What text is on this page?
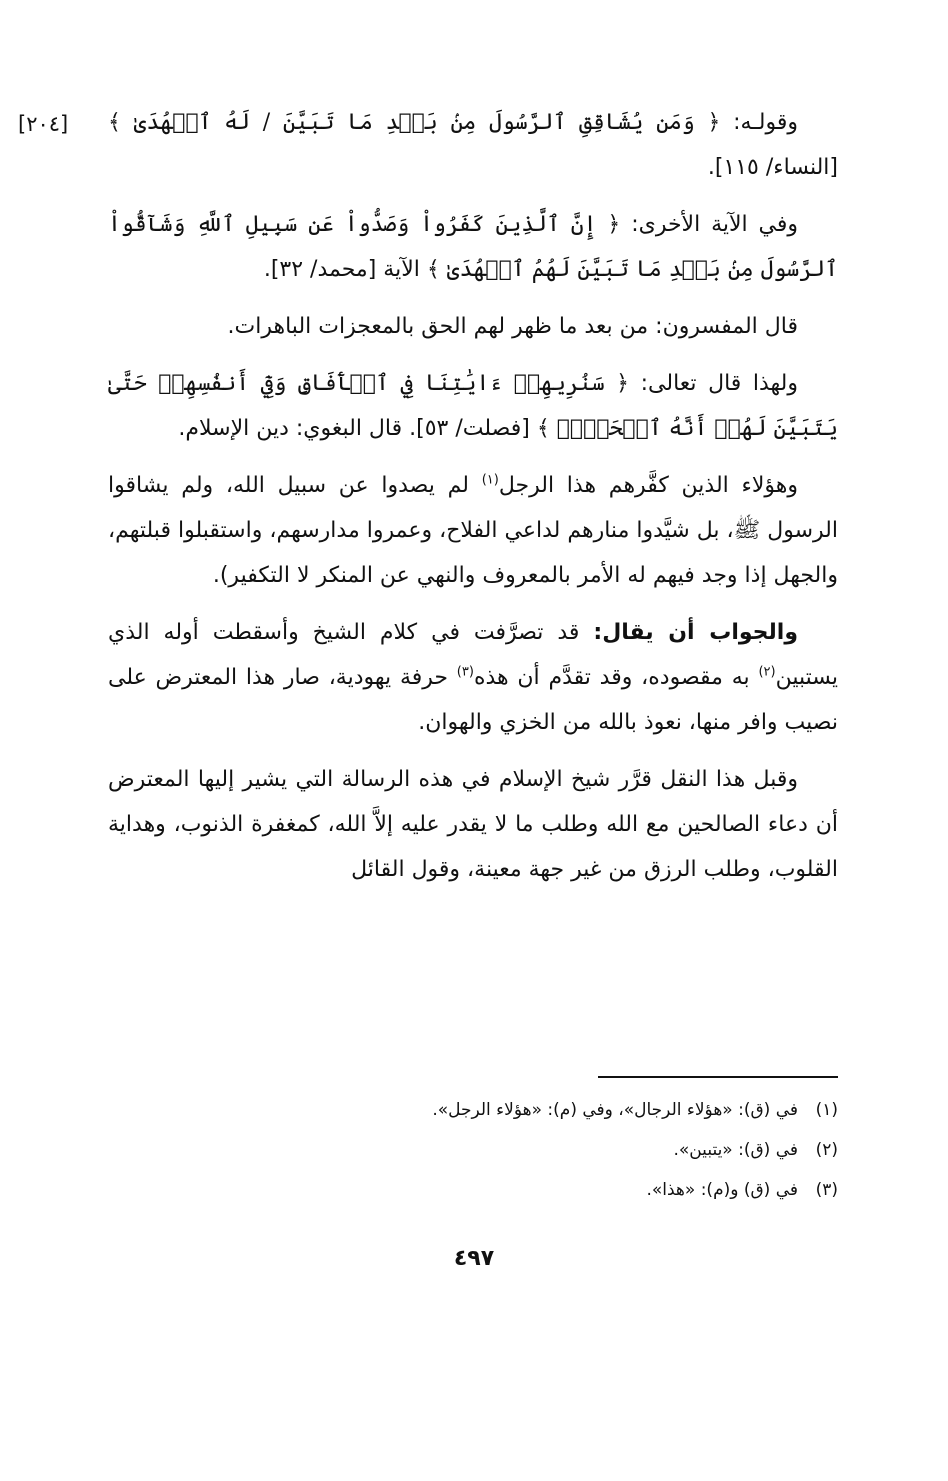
[٢٠٤]	وقولـه: ﴿ وَمَن يُشَاقِقِ ٱلرَّسُولَ مِنۢ بَعۡدِ مَا تَبَيَّنَ / لَهُ ٱلۡهُدَىٰ ﴾ [النساء/ ١١٥].

وفي الآية الأخرى: ﴿ إِنَّ ٱلَّذِينَ كَفَرُواْ وَصَدُّواْ عَن سَبِيلِ ٱللَّهِ وَشَآقُّواْ ٱلرَّسُولَ مِنۢ بَعۡدِ مَا تَبَيَّنَ لَهُمُ ٱلۡهُدَىٰ ﴾ الآية [محمد/ ٣٢].

قال المفسرون: من بعد ما ظهر لهم الحق بالمعجزات الباهرات.

ولهذا قال تعالى: ﴿ سَنُرِيهِمۡ ءَايَٰتِنَا فِي ٱلۡأٓفَاقِ وَفِيٓ أَنفُسِهِمۡ حَتَّىٰ يَتَبَيَّنَ لَهُمۡ أَنَّهُ ٱلۡحَقُّۗ ﴾ [فصلت/ ٥٣]. قال البغوي: دين الإسلام.

وهؤلاء الذين كفَّرهم هذا الرجل$^{(١)}$ لم يصدوا عن سبيل الله، ولم يشاقوا الرسول ﷺ، بل شيَّدوا منارهم لداعي الفلاح، وعمروا مدارسهم، واستقبلوا قبلتهم، والجهل إذا وجد فيهم له الأمر بالمعروف والنهي عن المنكر لا التكفير).

والجواب أن يقال: قد تصرَّفت في كلام الشيخ وأسقطت أوله الذي يستبين$^{(٢)}$ به مقصوده، وقد تقدَّم أن هذه$^{(٣)}$ حرفة يهودية، صار هذا المعترض على نصيب وافر منها، نعوذ بالله من الخزي والهوان.

وقبل هذا النقل قرَّر شيخ الإسلام في هذه الرسالة التي يشير إليها المعترض أن دعاء الصالحين مع الله وطلب ما لا يقدر عليه إلاَّ الله، كمغفرة الذنوب، وهداية القلوب، وطلب الرزق من غير جهة معينة، وقول القائل

(١)في (ق): «هؤلاء الرجال»، وفي (م): «هؤلاء الرجل».
(٢)في (ق): «يتبين».
(٣)في (ق) و(م): «هذا».
٤٩٧
